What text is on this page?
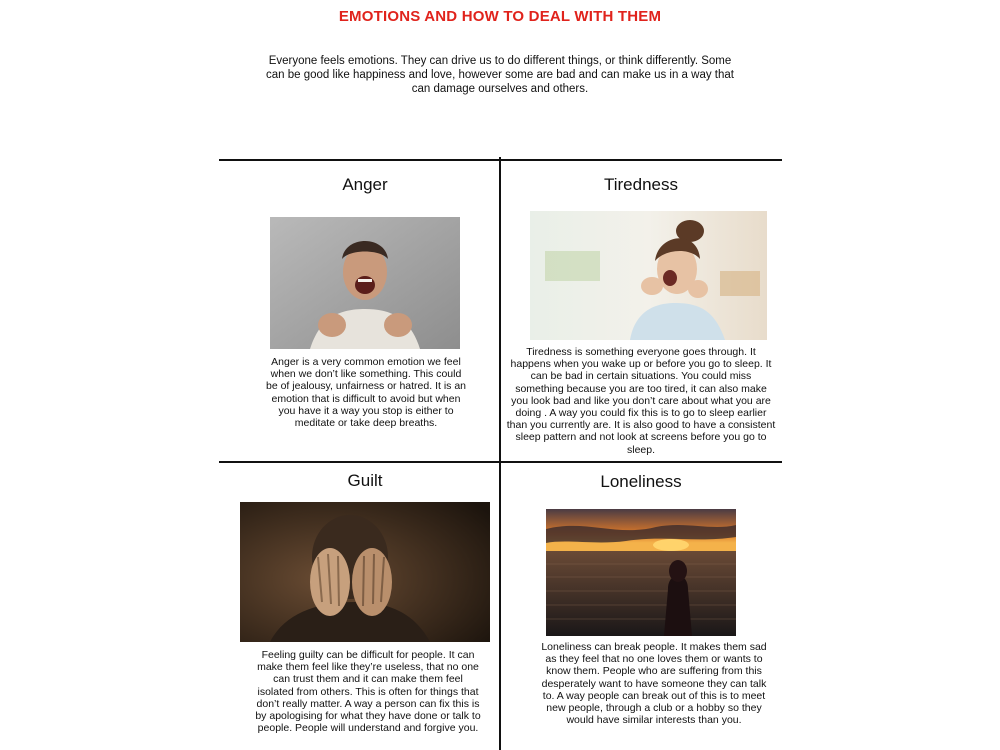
EMOTIONS AND HOW TO DEAL WITH THEM
Everyone feels emotions. They can drive us to do different things, or think differently. Some can be good like happiness and love, however some are bad and can make us in a way that can damage ourselves and others.
Anger
Anger is a very common emotion we feel when we don’t like something. This could be of jealousy, unfairness or hatred. It is an emotion that is difficult to avoid but when you have it a way you stop is either to meditate or take deep breaths.
Tiredness
Tiredness is something everyone goes through. It happens when you wake up or before you go to sleep. It can be bad in certain situations. You could miss something because you are too tired, it can also make you look bad and like you don’t care about what you are doing . A way you could fix this is to go to sleep earlier than you currently are. It is also good to have a consistent sleep pattern and not look at screens before you go to sleep.
Guilt
Feeling guilty can be difficult for people. It can make them feel like they’re useless, that no one can trust them and it can make them feel isolated from others. This is often for things that don’t really matter. A way a person can fix this is by apologising for what they have done or talk to people. People will understand and forgive you.
Loneliness
Loneliness can break people. It makes them sad as they feel that no one loves them or wants to know them. People who are suffering from this desperately want to have someone they can talk to. A way people can break out of this is to meet new people, through a club or a hobby so they would have similar interests than you.
